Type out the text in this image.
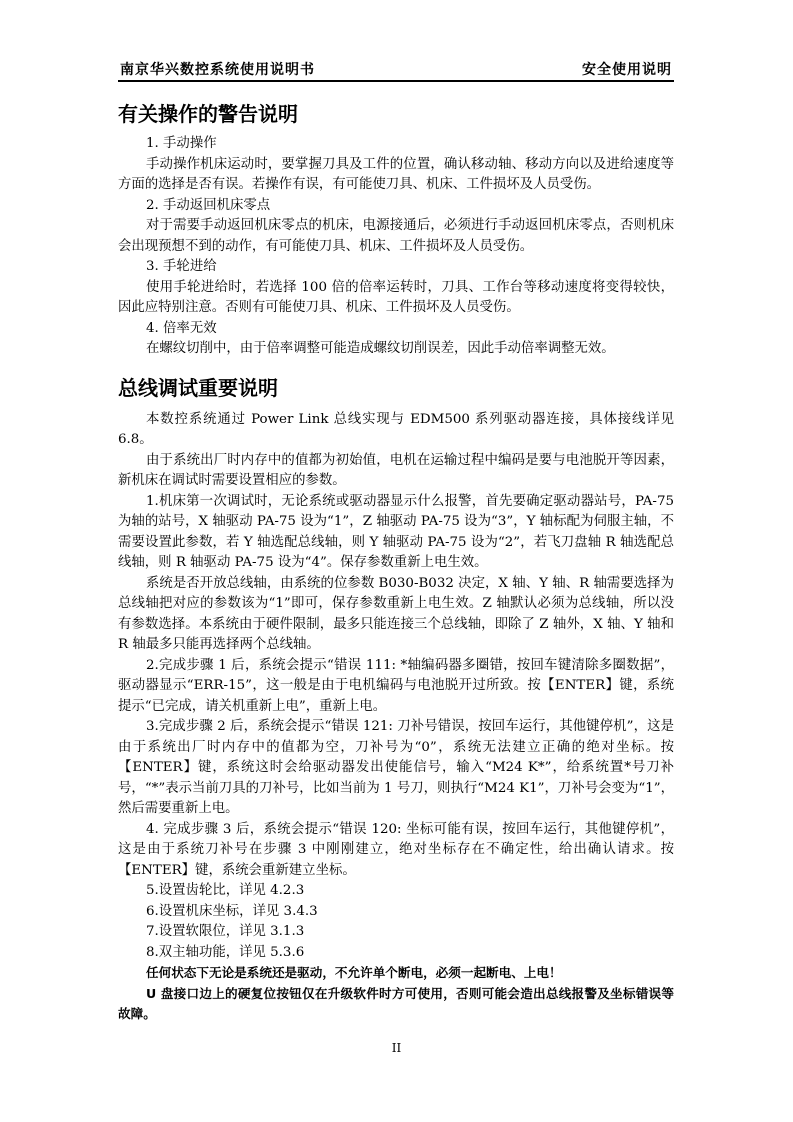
南京华兴数控系统使用说明书	安全使用说明
有关操作的警告说明

1. 手动操作

手动操作机床运动时，要掌握刀具及工件的位置，确认移动轴、移动方向以及进给速度等方面的选择是否有误。若操作有误，有可能使刀具、机床、工件损坏及人员受伤。

2. 手动返回机床零点

对于需要手动返回机床零点的机床，电源接通后，必须进行手动返回机床零点，否则机床会出现预想不到的动作，有可能使刀具、机床、工件损坏及人员受伤。

3. 手轮进给

使用手轮进给时，若选择 100 倍的倍率运转时，刀具、工作台等移动速度将变得较快，因此应特别注意。否则有可能使刀具、机床、工件损坏及人员受伤。

4. 倍率无效

在螺纹切削中，由于倍率调整可能造成螺纹切削误差，因此手动倍率调整无效。

总线调试重要说明

本数控系统通过 Power Link 总线实现与 EDM500 系列驱动器连接，具体接线详见 6.8。

由于系统出厂时内存中的值都为初始值，电机在运输过程中编码是要与电池脱开等因素，新机床在调试时需要设置相应的参数。

1.机床第一次调试时，无论系统或驱动器显示什么报警，首先要确定驱动器站号，PA-75 为轴的站号，X 轴驱动 PA-75 设为“1”，Z 轴驱动 PA-75 设为“3”，Y 轴标配为伺服主轴，不需要设置此参数，若 Y 轴选配总线轴，则 Y 轴驱动 PA-75 设为“2”，若飞刀盘轴 R 轴选配总线轴，则 R 轴驱动 PA-75 设为“4”。保存参数重新上电生效。

系统是否开放总线轴，由系统的位参数 B030-B032 决定，X 轴、Y 轴、R 轴需要选择为总线轴把对应的参数该为“1”即可，保存参数重新上电生效。Z 轴默认必须为总线轴，所以没有参数选择。本系统由于硬件限制，最多只能连接三个总线轴，即除了 Z 轴外，X 轴、Y 轴和 R 轴最多只能再选择两个总线轴。

2.完成步骤 1 后，系统会提示“错误 111: *轴编码器多圈错，按回车键清除多圈数据”，驱动器显示“ERR-15”，这一般是由于电机编码与电池脱开过所致。按【ENTER】键，系统提示“已完成，请关机重新上电”，重新上电。

3.完成步骤 2 后，系统会提示“错误 121: 刀补号错误，按回车运行，其他键停机”，这是由于系统出厂时内存中的值都为空，刀补号为“0”，系统无法建立正确的绝对坐标。按【ENTER】键，系统这时会给驱动器发出使能信号，输入“M24 K*”，给系统置*号刀补号，“*”表示当前刀具的刀补号，比如当前为 1 号刀，则执行“M24 K1”，刀补号会变为“1”，然后需要重新上电。

4. 完成步骤 3 后，系统会提示“错误 120: 坐标可能有误，按回车运行，其他键停机”，这是由于系统刀补号在步骤 3 中刚刚建立，绝对坐标存在不确定性，给出确认请求。按【ENTER】键，系统会重新建立坐标。

5.设置齿轮比，详见 4.2.3

6.设置机床坐标，详见 3.4.3

7.设置软限位，详见 3.1.3

8.双主轴功能，详见 5.3.6

任何状态下无论是系统还是驱动，不允许单个断电，必须一起断电、上电！

U 盘接口边上的硬复位按钮仅在升级软件时方可使用，否则可能会造出总线报警及坐标错误等故障。

II
